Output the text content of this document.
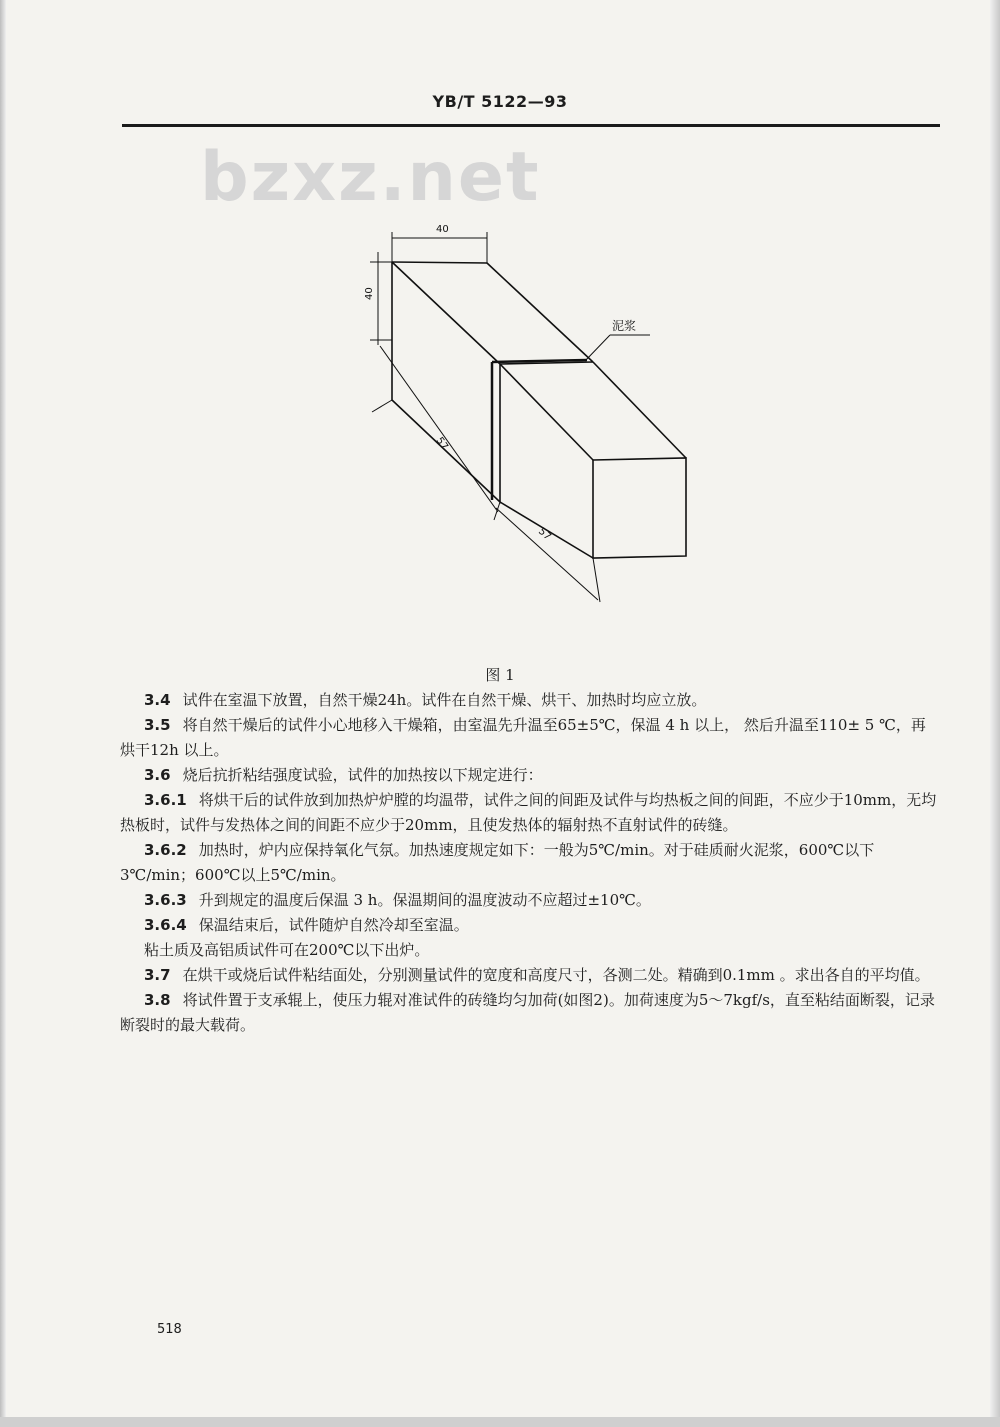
YB/T 5122—93
bzxz.net
40
40
57
57
泥浆
图 1

3.4 试件在室温下放置，自然干燥24h。试件在自然干燥、烘干、加热时均应立放。

3.5 将自然干燥后的试件小心地移入干燥箱，由室温先升温至65±5℃，保温 4 h 以上， 然后升温至110± 5 ℃，再烘干12h 以上。

3.6 烧后抗折粘结强度试验，试件的加热按以下规定进行：

3.6.1 将烘干后的试件放到加热炉炉膛的均温带，试件之间的间距及试件与均热板之间的间距，不应少于10mm，无均热板时，试件与发热体之间的间距不应少于20mm，且使发热体的辐射热不直射试件的砖缝。

3.6.2 加热时，炉内应保持氧化气氛。加热速度规定如下：一般为5℃/min。对于硅质耐火泥浆，600℃以下3℃/min；600℃以上5℃/min。

3.6.3 升到规定的温度后保温 3 h。保温期间的温度波动不应超过±10℃。

3.6.4 保温结束后，试件随炉自然冷却至室温。

粘土质及高铝质试件可在200℃以下出炉。

3.7 在烘干或烧后试件粘结面处，分别测量试件的宽度和高度尺寸，各测二处。精确到0.1mm 。求出各自的平均值。

3.8 将试件置于支承辊上，使压力辊对准试件的砖缝均匀加荷(如图2)。加荷速度为5～7kgf/s，直至粘结面断裂，记录断裂时的最大载荷。

518
